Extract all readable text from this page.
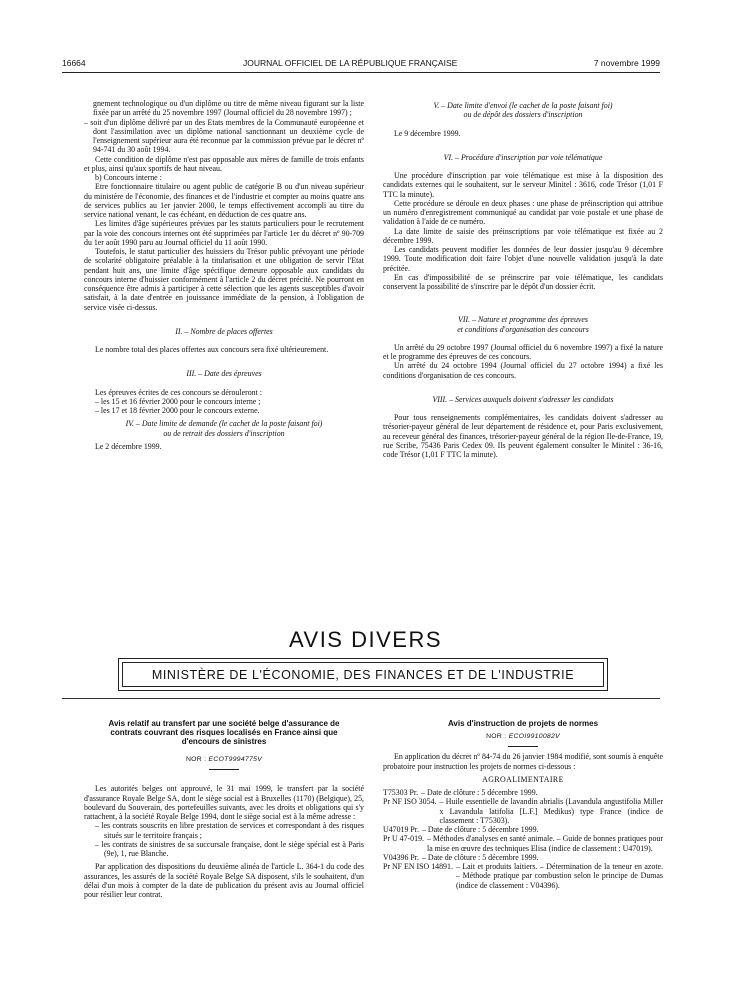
16664	JOURNAL OFFICIEL DE LA RÉPUBLIQUE FRANÇAISE	7 novembre 1999

gnement technologique ou d'un diplôme ou titre de même niveau figurant sur la liste fixée par un arrêté du 25 novembre 1997 (Journal officiel du 28 novembre 1997) ;

– soit d'un diplôme délivré par un des Etats membres de la Communauté européenne et dont l'assimilation avec un diplôme national sanctionnant un deuxième cycle de l'enseignement supérieur aura été reconnue par la commission prévue par le décret nº 94-741 du 30 août 1994.

Cette condition de diplôme n'est pas opposable aux mères de famille de trois enfants et plus, ainsi qu'aux sportifs de haut niveau.

b) Concours interne :

Etre fonctionnaire titulaire ou agent public de catégorie B ou d'un niveau supérieur du ministère de l'économie, des finances et de l'industrie et compter au moins quatre ans de services publics au 1er janvier 2000, le temps effectivement accompli au titre du service national venant, le cas échéant, en déduction de ces quatre ans.

Les limites d'âge supérieures prévues par les statuts particuliers pour le recrutement par la voie des concours internes ont été supprimées par l'article 1er du décret nº 90-709 du 1er août 1990 paru au Journal officiel du 11 août 1990.

Toutefois, le statut particulier des huissiers du Trésor public prévoyant une période de scolarité obligatoire préalable à la titularisation et une obligation de servir l'Etat pendant huit ans, une limite d'âge spécifique demeure opposable aux candidats du concours interne d'huissier conformément à l'article 2 du décret précité. Ne pourront en conséquence être admis à participer à cette sélection que les agents susceptibles d'avoir satisfait, à la date d'entrée en jouissance immédiate de la pension, à l'obligation de service visée ci-dessus.

II. – Nombre de places offertes

Le nombre total des places offertes aux concours sera fixé ultérieurement.

III. – Date des épreuves

Les épreuves écrites de ces concours se dérouleront :

– les 15 et 16 février 2000 pour le concours interne ;

– les 17 et 18 février 2000 pour le concours externe.

IV. – Date limite de demande (le cachet de la poste faisant foi)

ou de retrait des dossiers d'inscription

Le 2 décembre 1999.

V. – Date limite d'envoi (le cachet de la poste faisant foi)

ou de dépôt des dossiers d'inscription

Le 9 décembre 1999.

VI. – Procédure d'inscription par voie télématique

Une procédure d'inscription par voie télématique est mise à la disposition des candidats externes qui le souhaitent, sur le serveur Minitel : 3616, code Trésor (1,01 F TTC la minute).

Cette procédure se déroule en deux phases : une phase de préinscription qui attribue un numéro d'enregistrement communiqué au candidat par voie postale et une phase de validation à l'aide de ce numéro.

La date limite de saisie des préinscriptions par voie télématique est fixée au 2 décembre 1999.

Les candidats peuvent modifier les données de leur dossier jusqu'au 9 décembre 1999. Toute modification doit faire l'objet d'une nouvelle validation jusqu'à la date précitée.

En cas d'impossibilité de se préinscrire par voie télématique, les candidats conservent la possibilité de s'inscrire par le dépôt d'un dossier écrit.

VII. – Nature et programme des épreuves

et conditions d'organisation des concours

Un arrêté du 29 octobre 1997 (Journal officiel du 6 novembre 1997) a fixé la nature et le programme des épreuves de ces concours.

Un arrêté du 24 octobre 1994 (Journal officiel du 27 octobre 1994) a fixé les conditions d'organisation de ces concours.

VIII. – Services auxquels doivent s'adresser les candidats

Pour tous renseignements complémentaires, les candidats doivent s'adresser au trésorier-payeur général de leur département de résidence et, pour Paris exclusivement, au receveur général des finances, trésorier-payeur général de la région Ile-de-France, 19, rue Scribe, 75436 Paris Cedex 09. Ils peuvent également consulter le Minitel : 36-16, code Trésor (1,01 F TTC la minute).

AVIS DIVERS
MINISTÈRE DE L'ÉCONOMIE, DES FINANCES ET DE L'INDUSTRIE

Avis relatif au transfert par une société belge d'assurance de contrats couvrant des risques localisés en France ainsi que d'encours de sinistres

NOR : ECOT9994775V

Les autorités belges ont approuvé, le 31 mai 1999, le transfert par la société d'assurance Royale Belge SA, dont le siège social est à Bruxelles (1170) (Belgique), 25, boulevard du Souverain, des portefeuilles suivants, avec les droits et obligations qui s'y rattachent, à la société Royale Belge 1994, dont le siège social est à la même adresse :

– les contrats souscrits en libre prestation de services et correspondant à des risques situés sur le territoire français ;

– les contrats de sinistres de sa succursale française, dont le siège spécial est à Paris (9e), 1, rue Blanche.

Par application des dispositions du deuxième alinéa de l'article L. 364-1 du code des assurances, les assurés de la société Royale Belge SA disposent, s'ils le souhaitent, d'un délai d'un mois à compter de la date de publication du présent avis au Journal officiel pour résilier leur contrat.

Avis d'instruction de projets de normes

NOR : ECOI9910082V

En application du décret nº 84-74 du 26 janvier 1984 modifié, sont soumis à enquête probatoire pour instruction les projets de normes ci-dessous :

AGROALIMENTAIRE

T75303 Pr. – Date de clôture : 5 décembre 1999.
Pr NF ISO 3054. – Huile essentielle de lavandin abrialis (Lavandula angustifolia Miller x Lavandula latifolia [L.F.] Medikus) type France (indice de classement : T75303).
U47019 Pr. – Date de clôture : 5 décembre 1999.
Pr U 47-019. – Méthodes d'analyses en santé animale. – Guide de bonnes pratiques pour la mise en œuvre des techniques Elisa (indice de classement : U47019).
V04396 Pr. – Date de clôture : 5 décembre 1999.
Pr NF EN ISO 14891. – Lait et produits laitiers. – Détermination de la teneur en azote. – Méthode pratique par combustion selon le principe de Dumas (indice de classement : V04396).
